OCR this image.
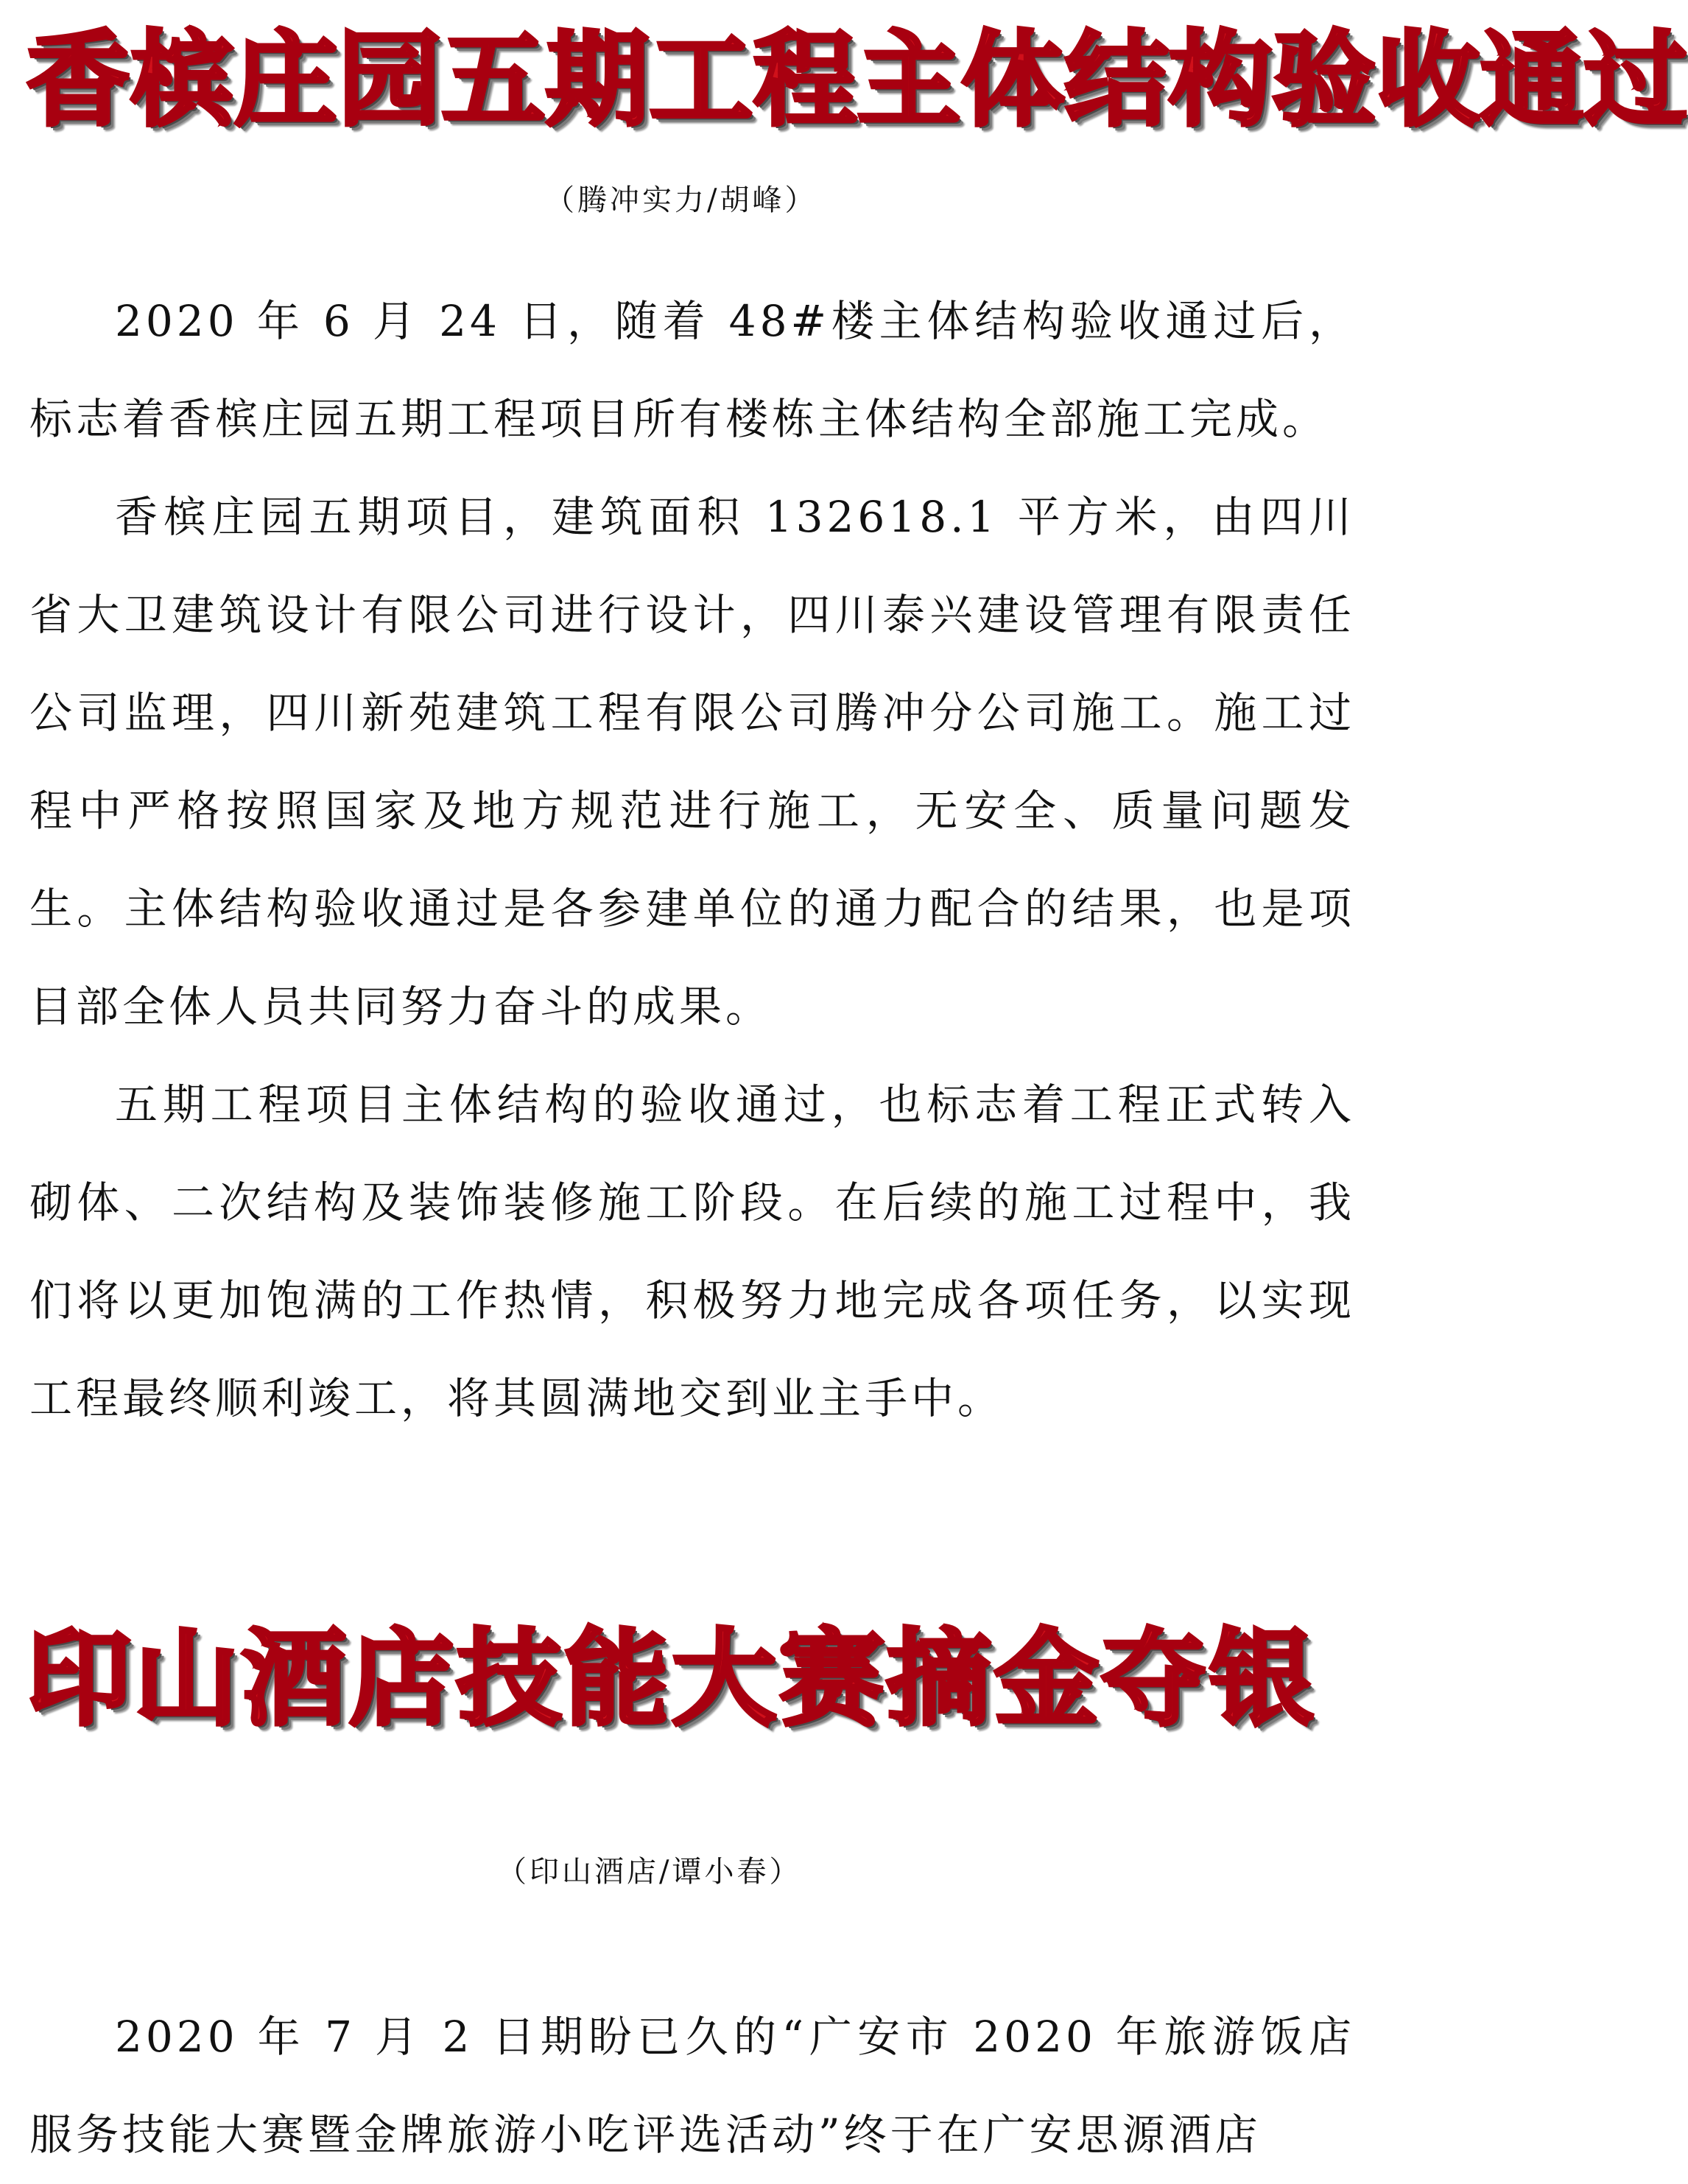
香槟庄园五期工程主体结构验收通过
（腾冲实力/胡峰）

2020 年 6 月 24 日，随着 48#楼主体结构验收通过后，标志着香槟庄园五期工程项目所有楼栋主体结构全部施工完成。

香槟庄园五期项目，建筑面积 132618.1 平方米，由四川省大卫建筑设计有限公司进行设计，四川泰兴建设管理有限责任公司监理，四川新苑建筑工程有限公司腾冲分公司施工。施工过程中严格按照国家及地方规范进行施工，无安全、质量问题发生。主体结构验收通过是各参建单位的通力配合的结果，也是项目部全体人员共同努力奋斗的成果。

五期工程项目主体结构的验收通过，也标志着工程正式转入砌体、二次结构及装饰装修施工阶段。在后续的施工过程中，我们将以更加饱满的工作热情，积极努力地完成各项任务，以实现工程最终顺利竣工，将其圆满地交到业主手中。

印山酒店技能大赛摘金夺银
（印山酒店/谭小春）

2020 年 7 月 2 日期盼已久的“广安市 2020 年旅游饭店服务技能大赛暨金牌旅游小吃评选活动”终于在广安思源酒店
